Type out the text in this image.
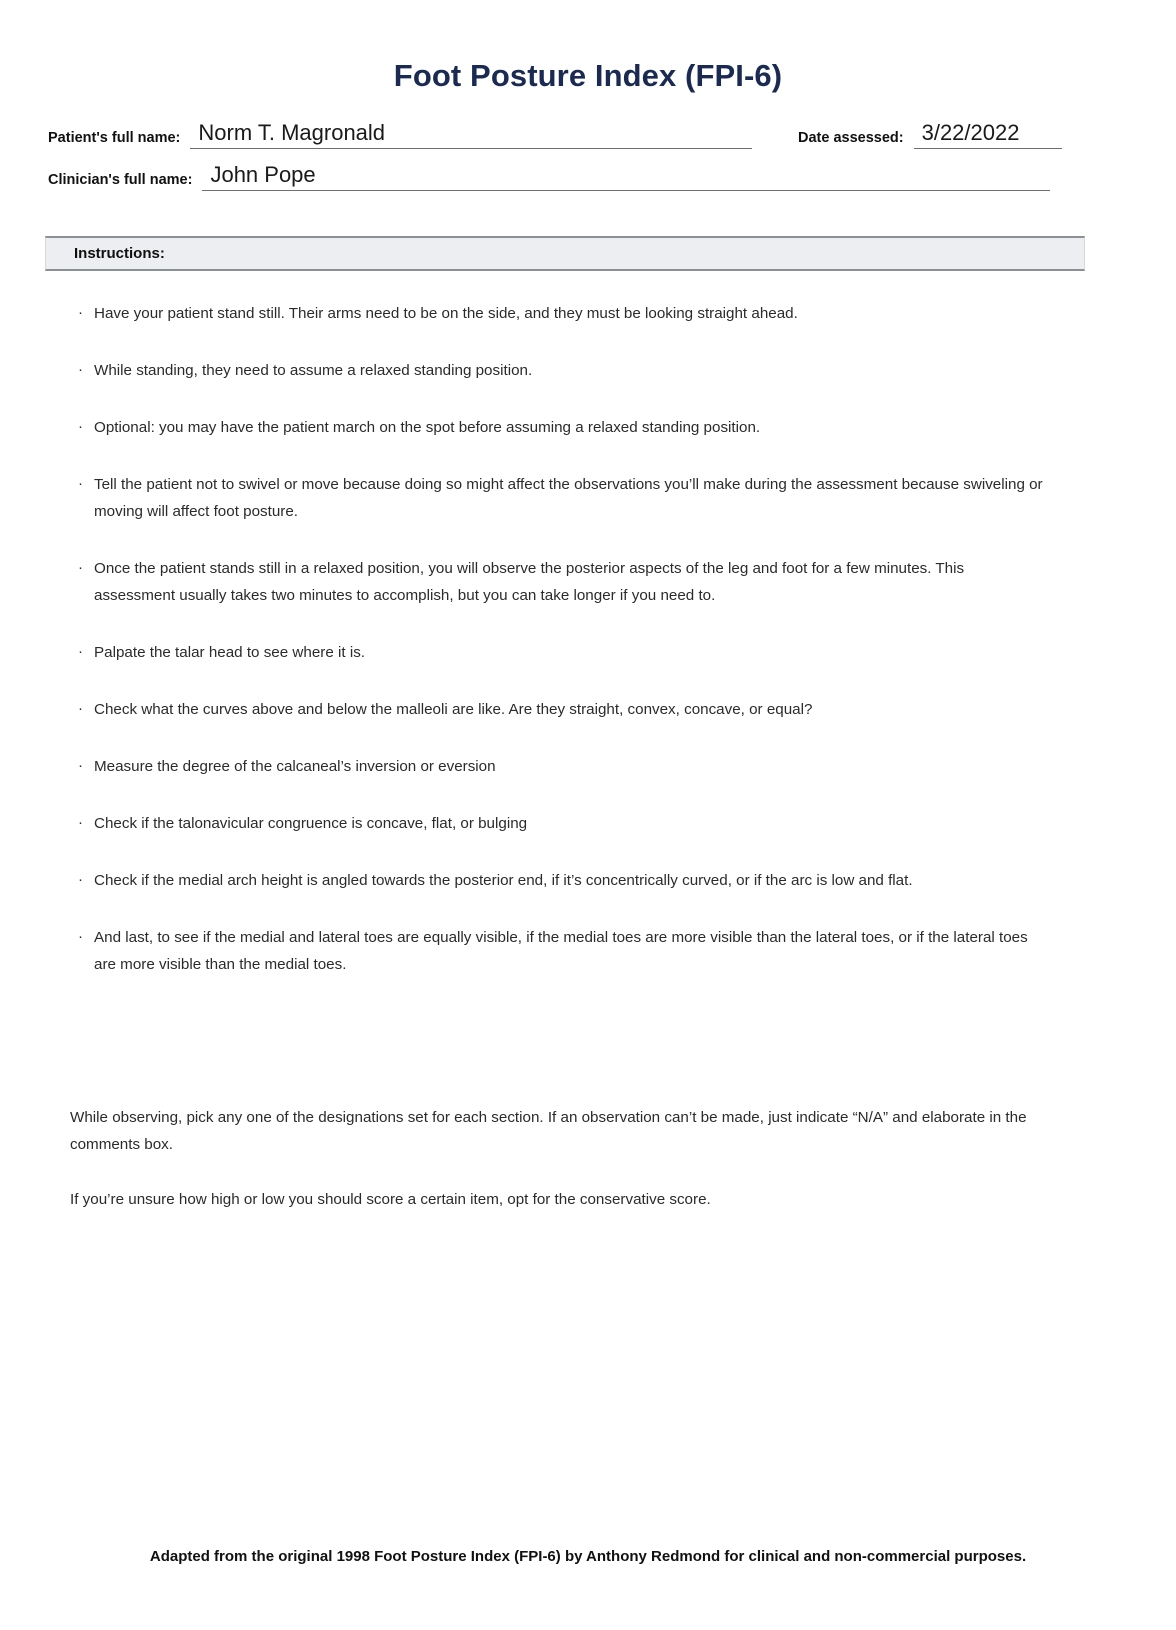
Foot Posture Index (FPI-6)
Patient's full name: Norm T. Magronald	Date assessed: 3/22/2022
Clinician's full name: John Pope
Instructions:
· Have your patient stand still. Their arms need to be on the side, and they must be looking straight ahead.
· While standing, they need to assume a relaxed standing position.
· Optional: you may have the patient march on the spot before assuming a relaxed standing position.
· Tell the patient not to swivel or move because doing so might affect the observations you’ll make during the assessment because swiveling or moving will affect foot posture.
· Once the patient stands still in a relaxed position, you will observe the posterior aspects of the leg and foot for a few minutes. This assessment usually takes two minutes to accomplish, but you can take longer if you need to.
· Palpate the talar head to see where it is.
· Check what the curves above and below the malleoli are like. Are they straight, convex, concave, or equal?
· Measure the degree of the calcaneal’s inversion or eversion
· Check if the talonavicular congruence is concave, flat, or bulging
· Check if the medial arch height is angled towards the posterior end, if it’s concentrically curved, or if the arc is low and flat.
· And last, to see if the medial and lateral toes are equally visible, if the medial toes are more visible than the lateral toes, or if the lateral toes are more visible than the medial toes.

While observing, pick any one of the designations set for each section. If an observation can’t be made, just indicate “N/A” and elaborate in the comments box.

If you’re unsure how high or low you should score a certain item, opt for the conservative score.

Adapted from the original 1998 Foot Posture Index (FPI-6) by Anthony Redmond for clinical and non-commercial purposes.
